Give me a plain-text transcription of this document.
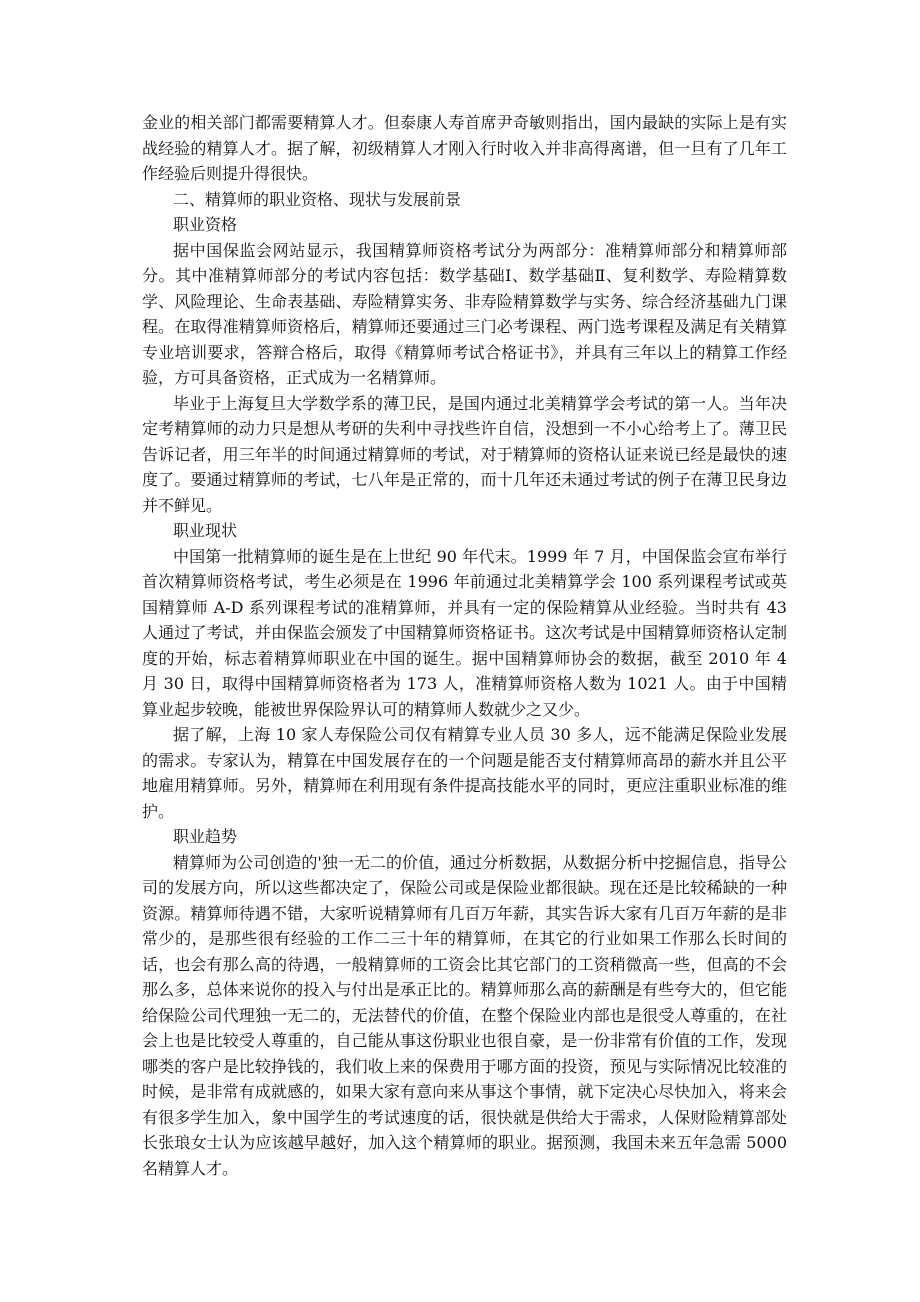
金业的相关部门都需要精算人才。但泰康人寿首席尹奇敏则指出，国内最缺的实际上是有实战经验的精算人才。据了解，初级精算人才刚入行时收入并非高得离谱，但一旦有了几年工作经验后则提升得很快。

二、精算师的职业资格、现状与发展前景

职业资格

据中国保监会网站显示，我国精算师资格考试分为两部分：准精算师部分和精算师部分。其中准精算师部分的考试内容包括：数学基础Ⅰ、数学基础Ⅱ、复利数学、寿险精算数学、风险理论、生命表基础、寿险精算实务、非寿险精算数学与实务、综合经济基础九门课程。在取得准精算师资格后，精算师还要通过三门必考课程、两门选考课程及满足有关精算专业培训要求，答辩合格后，取得《精算师考试合格证书》，并具有三年以上的精算工作经验，方可具备资格，正式成为一名精算师。

毕业于上海复旦大学数学系的薄卫民，是国内通过北美精算学会考试的第一人。当年决定考精算师的动力只是想从考研的失利中寻找些许自信，没想到一不小心给考上了。薄卫民告诉记者，用三年半的时间通过精算师的考试，对于精算师的资格认证来说已经是最快的速度了。要通过精算师的考试，七八年是正常的，而十几年还未通过考试的例子在薄卫民身边并不鲜见。

职业现状

中国第一批精算师的诞生是在上世纪 90 年代末。1999 年 7 月，中国保监会宣布举行首次精算师资格考试，考生必须是在 1996 年前通过北美精算学会 100 系列课程考试或英国精算师 A-D 系列课程考试的准精算师，并具有一定的保险精算从业经验。当时共有 43 人通过了考试，并由保监会颁发了中国精算师资格证书。这次考试是中国精算师资格认定制度的开始，标志着精算师职业在中国的诞生。据中国精算师协会的数据，截至 2010 年 4 月 30 日，取得中国精算师资格者为 173 人，准精算师资格人数为 1021 人。由于中国精算业起步较晚，能被世界保险界认可的精算师人数就少之又少。

据了解，上海 10 家人寿保险公司仅有精算专业人员 30 多人，远不能满足保险业发展的需求。专家认为，精算在中国发展存在的一个问题是能否支付精算师高昂的薪水并且公平地雇用精算师。另外，精算师在利用现有条件提高技能水平的同时，更应注重职业标准的维护。

职业趋势

精算师为公司创造的'独一无二的价值，通过分析数据，从数据分析中挖掘信息，指导公司的发展方向，所以这些都决定了，保险公司或是保险业都很缺。现在还是比较稀缺的一种资源。精算师待遇不错，大家听说精算师有几百万年薪，其实告诉大家有几百万年薪的是非常少的，是那些很有经验的工作二三十年的精算师，在其它的行业如果工作那么长时间的话，也会有那么高的待遇，一般精算师的工资会比其它部门的工资稍微高一些，但高的不会那么多，总体来说你的投入与付出是承正比的。精算师那么高的薪酬是有些夸大的，但它能给保险公司代理独一无二的，无法替代的价值，在整个保险业内部也是很受人尊重的，在社会上也是比较受人尊重的，自己能从事这份职业也很自豪，是一份非常有价值的工作，发现哪类的客户是比较挣钱的，我们收上来的保费用于哪方面的投资，预见与实际情况比较准的时候，是非常有成就感的，如果大家有意向来从事这个事情，就下定决心尽快加入，将来会有很多学生加入，象中国学生的考试速度的话，很快就是供给大于需求，人保财险精算部处长张琅女士认为应该越早越好，加入这个精算师的职业。据预测，我国未来五年急需 5000 名精算人才。
